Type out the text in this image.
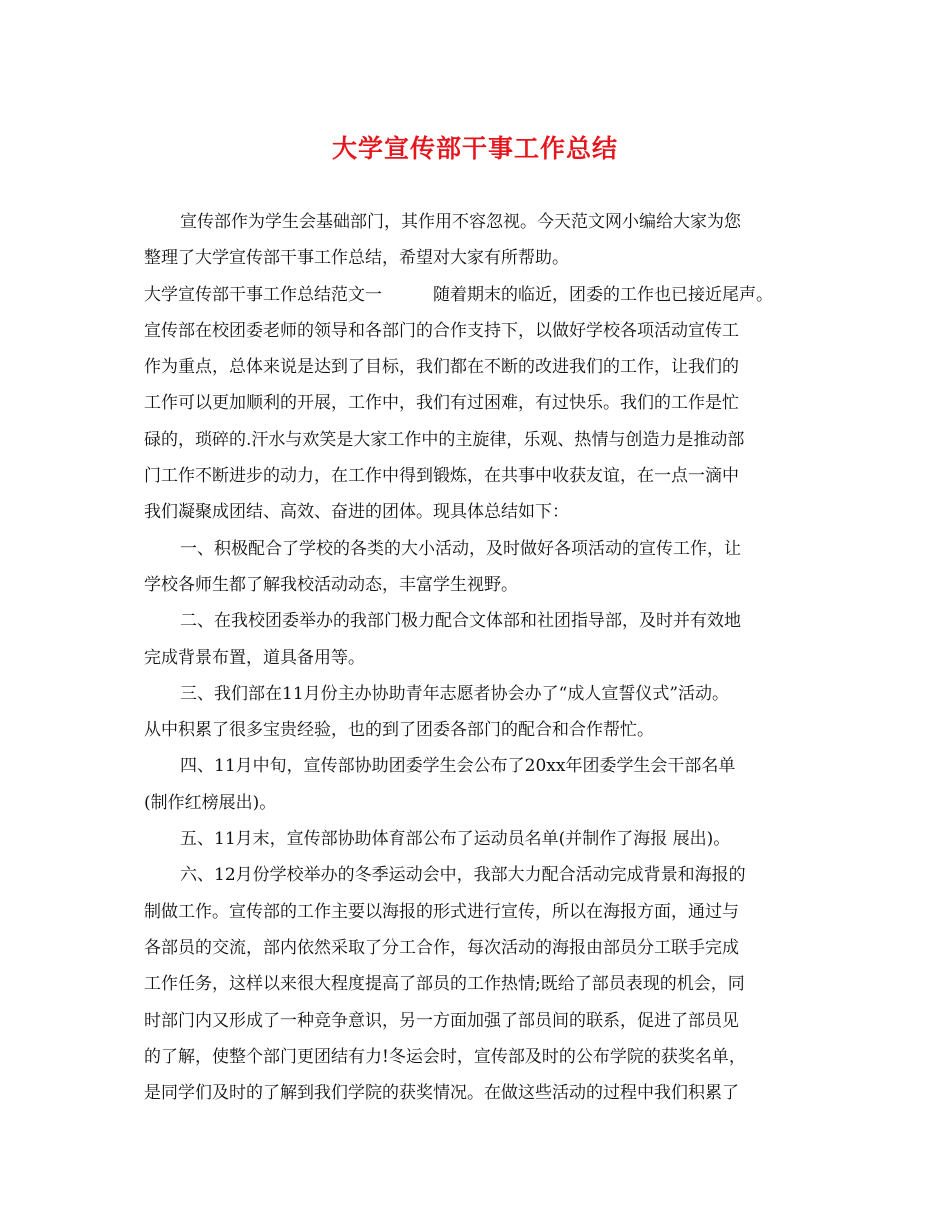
大学宣传部干事工作总结
宣传部作为学生会基础部门，其作用不容忽视。今天范文网小编给大家为您
整理了大学宣传部干事工作总结，希望对大家有所帮助。
大学宣传部干事工作总结范文一　　　随着期末的临近，团委的工作也已接近尾声。
宣传部在校团委老师的领导和各部门的合作支持下，以做好学校各项活动宣传工
作为重点，总体来说是达到了目标，我们都在不断的改进我们的工作，让我们的
工作可以更加顺利的开展，工作中，我们有过困难，有过快乐。我们的工作是忙
碌的，琐碎的.汗水与欢笑是大家工作中的主旋律，乐观、热情与创造力是推动部
门工作不断进步的动力，在工作中得到锻炼，在共事中收获友谊，在一点一滴中
我们凝聚成团结、高效、奋进的团体。现具体总结如下：
一、积极配合了学校的各类的大小活动，及时做好各项活动的宣传工作，让
学校各师生都了解我校活动动态，丰富学生视野。
二、在我校团委举办的我部门极力配合文体部和社团指导部，及时并有效地
完成背景布置，道具备用等。
三、我们部在11月份主办协助青年志愿者协会办了“成人宣誓仪式”活动。
从中积累了很多宝贵经验，也的到了团委各部门的配合和合作帮忙。
四、11月中旬，宣传部协助团委学生会公布了20xx年团委学生会干部名单
(制作红榜展出)。
五、11月末，宣传部协助体育部公布了运动员名单(并制作了海报 展出)。
六、12月份学校举办的冬季运动会中，我部大力配合活动完成背景和海报的
制做工作。宣传部的工作主要以海报的形式进行宣传，所以在海报方面，通过与
各部员的交流，部内依然采取了分工合作，每次活动的海报由部员分工联手完成
工作任务，这样以来很大程度提高了部员的工作热情;既给了部员表现的机会，同
时部门内又形成了一种竞争意识，另一方面加强了部员间的联系，促进了部员见
的了解，使整个部门更团结有力!冬运会时，宣传部及时的公布学院的获奖名单，
是同学们及时的了解到我们学院的获奖情况。在做这些活动的过程中我们积累了
